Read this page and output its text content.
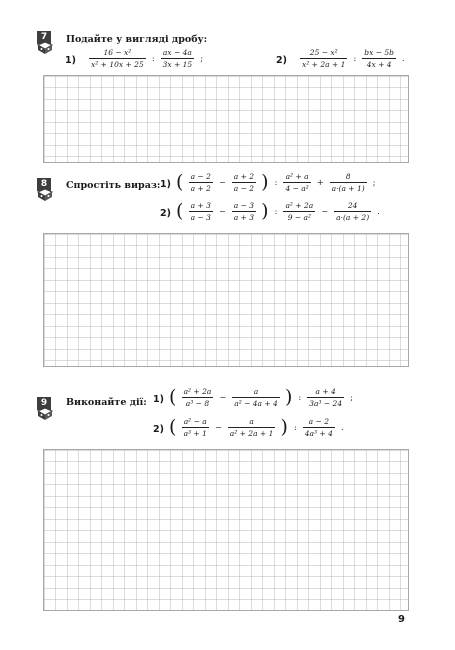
7	Подайте у вигляді дробу:
$1) \frac{\text{16 − x²}}{\text{x² + 10x + 25}}$ : $\frac{ax - 4a}{3x + 15}$ ;	$2) \frac{\text{25 − x²}}{\text{x² + 2a + 1}}$ : $\frac{bx - 5b}{4x + 4}$ .
8	Спростіть вираз: 1) ( $\frac{a - 2}{a + 2} - \frac{a + 2}{a - 2}$ ) : $\frac{\text{a² + a}}{\text{4 − a²}} + \frac{8}{a\cdot(a + 1)}$ ;
2) ( $\frac{a + 3}{a - 3} - \frac{a - 3}{a + 3}$ ) : $\frac{\text{a² + 2a}}{\text{9 − a²}} - \frac{24}{a\cdot(a + 2)}$ .
9	Виконайте дії: 1) ( $\frac{\text{a² + 2a}}{\text{a³ − 8}} - \frac{a}{\text{a² − 4a + 4}}$ ) : $\frac{a + 4}{\text{3a³ − 24}}$ ;
2) ( $\frac{\text{a² − a}}{\text{a³ + 1}} - \frac{a}{\text{a² + 2a + 1}}$ ) : $\frac{a - 2}{\text{4a³ + 4}}$ .
9
